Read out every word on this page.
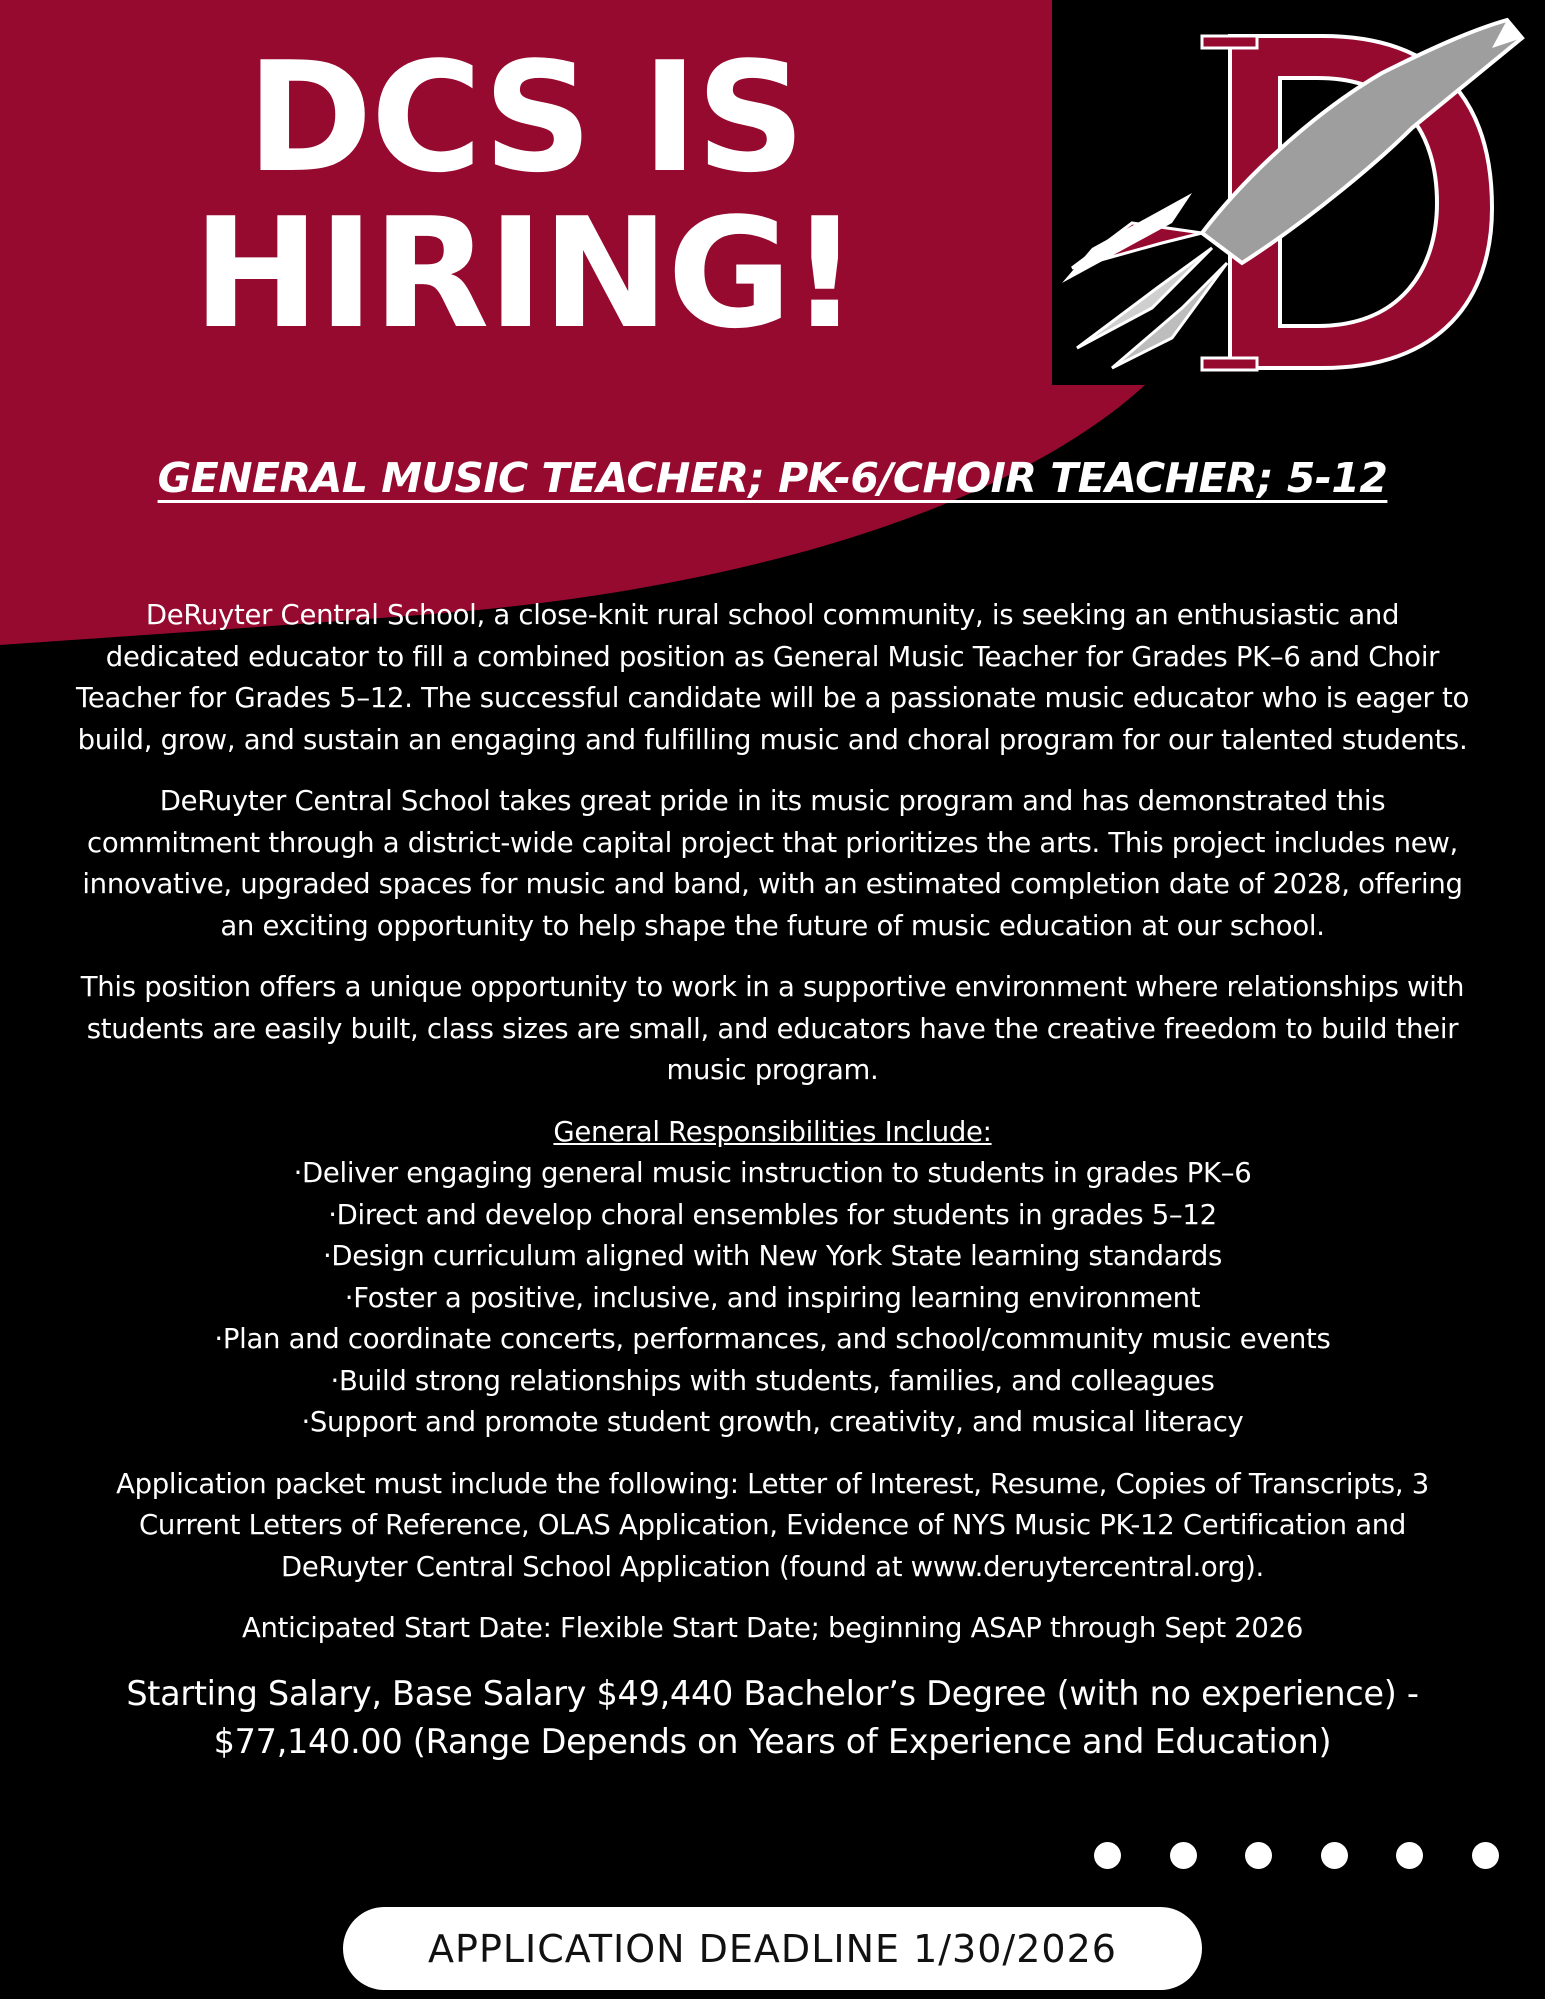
DCS IS
HIRING!
GENERAL MUSIC TEACHER; PK-6/CHOIR TEACHER; 5-12

DeRuyter Central School, a close-knit rural school community, is seeking an enthusiastic and dedicated educator to fill a combined position as General Music Teacher for Grades PK–6 and Choir Teacher for Grades 5–12. The successful candidate will be a passionate music educator who is eager to build, grow, and sustain an engaging and fulfilling music and choral program for our talented students.

DeRuyter Central School takes great pride in its music program and has demonstrated this commitment through a district-wide capital project that prioritizes the arts. This project includes new, innovative, upgraded spaces for music and band, with an estimated completion date of 2028, offering an exciting opportunity to help shape the future of music education at our school.

This position offers a unique opportunity to work in a supportive environment where relationships with students are easily built, class sizes are small, and educators have the creative freedom to build their music program.

General Responsibilities Include:

·Deliver engaging general music instruction to students in grades PK–6
·Direct and develop choral ensembles for students in grades 5–12
·Design curriculum aligned with New York State learning standards
·Foster a positive, inclusive, and inspiring learning environment
·Plan and coordinate concerts, performances, and school/community music events
·Build strong relationships with students, families, and colleagues
·Support and promote student growth, creativity, and musical literacy

Application packet must include the following: Letter of Interest, Resume, Copies of Transcripts, 3 Current Letters of Reference, OLAS Application, Evidence of NYS Music PK-12 Certification and DeRuyter Central School Application (found at www.deruytercentral.org).

Anticipated Start Date: Flexible Start Date; beginning ASAP through Sept 2026

Starting Salary, Base Salary $49,440 Bachelor’s Degree (with no experience) -
$77,140.00 (Range Depends on Years of Experience and Education)

APPLICATION DEADLINE 1/30/2026
